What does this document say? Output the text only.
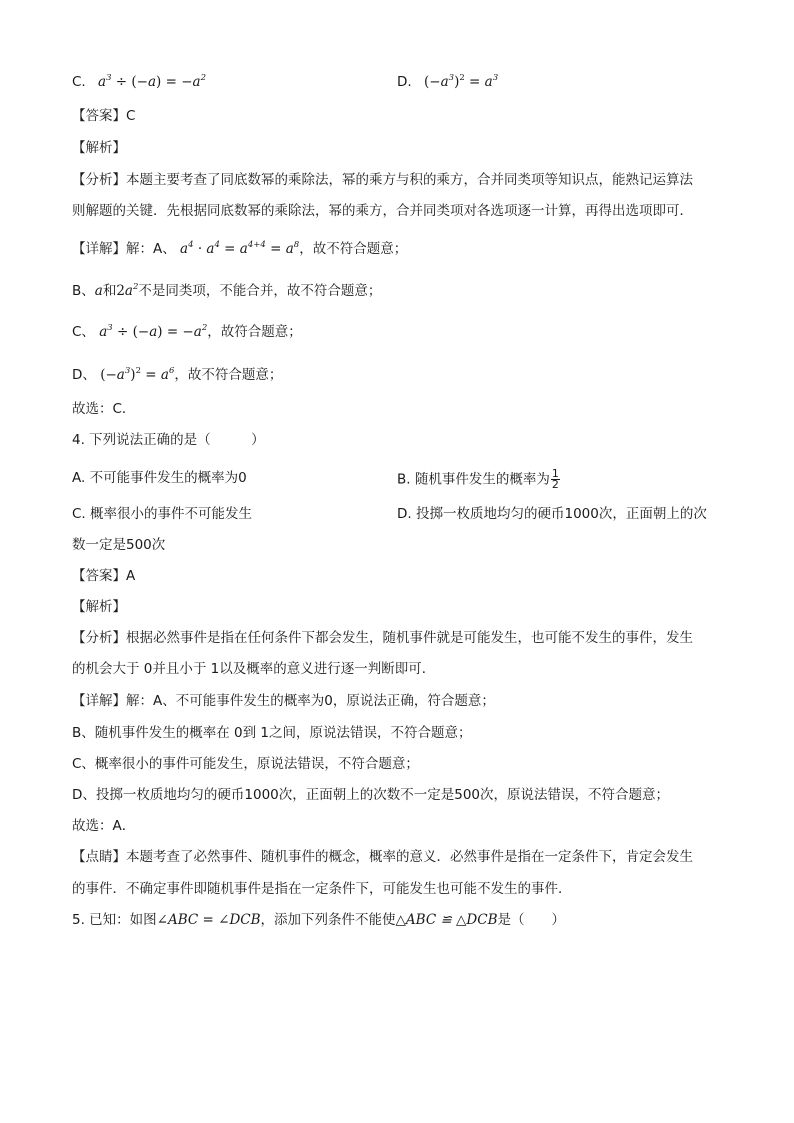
C. $a^3 \div (-a) = -a^2$	D. $(-a^3)^2 = a^3$
【答案】C
【解析】
【分析】本题主要考查了同底数幂的乘除法，幂的乘方与积的乘方，合并同类项等知识点，能熟记运算法
则解题的关键．先根据同底数幂的乘除法，幂的乘方，合并同类项对各选项逐一计算，再得出选项即可．
【详解】解：A、 $a^4 \cdot a^4 = a^{4+4} = a^8$，故不符合题意；
B、a和$2a^2$不是同类项，不能合并，故不符合题意；
C、 $a^3 \div (-a) = -a^2$，故符合题意；
D、 $(-a^3)^2 = a^6$，故不符合题意；
故选：C．
4. 下列说法正确的是（　　　）
A. 不可能事件发生的概率为0	B. 随机事件发生的概率为 $\frac{1}{2}$
C. 概率很小的事件不可能发生	D. 投掷一枚质地均匀的硬币1000次，正面朝上的次
数一定是500次
【答案】A
【解析】
【分析】根据必然事件是指在任何条件下都会发生，随机事件就是可能发生，也可能不发生的事件，发生
的机会大于 0并且小于 1以及概率的意义进行逐一判断即可．
【详解】解：A、不可能事件发生的概率为0，原说法正确，符合题意；
B、随机事件发生的概率在 0到 1之间，原说法错误，不符合题意；
C、概率很小的事件可能发生，原说法错误，不符合题意；
D、投掷一枚质地均匀的硬币1000次，正面朝上的次数不一定是500次，原说法错误，不符合题意；
故选：A．
【点睛】本题考查了必然事件、随机事件的概念，概率的意义．必然事件是指在一定条件下，肯定会发生
的事件．不确定事件即随机事件是指在一定条件下，可能发生也可能不发生的事件．
5. 已知：如图∠ABC = ∠DCB，添加下列条件不能使△ABC ≌ △DCB是（　　）
